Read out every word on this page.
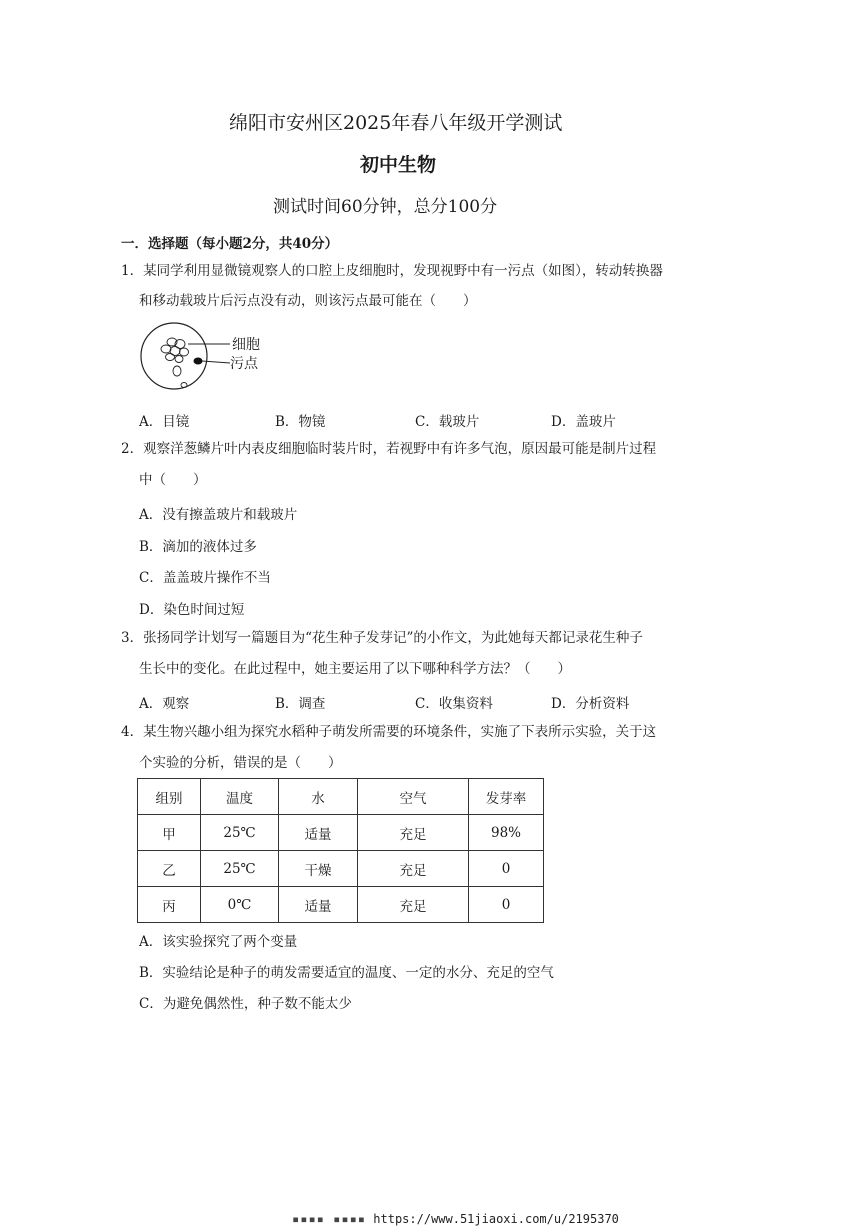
绵阳市安州区2025年春八年级开学测试
初中生物
测试时间60分钟，总分100分
一．选择题（每小题2分，共40分）
1．某同学利用显微镜观察人的口腔上皮细胞时，发现视野中有一污点（如图），转动转换器
和移动载玻片后污点没有动，则该污点最可能在（　　）
细胞
污点
A．目镜	B．物镜	C．载玻片	D．盖玻片
2．观察洋葱鳞片叶内表皮细胞临时装片时，若视野中有许多气泡，原因最可能是制片过程
中（　　）
A．没有擦盖玻片和载玻片
B．滴加的液体过多
C．盖盖玻片操作不当
D．染色时间过短
3．张扬同学计划写一篇题目为“花生种子发芽记”的小作文，为此她每天都记录花生种子
生长中的变化。在此过程中，她主要运用了以下哪种科学方法？（　　）
A．观察	B．调查	C．收集资料	D．分析资料
4．某生物兴趣小组为探究水稻种子萌发所需要的环境条件，实施了下表所示实验，关于这
个实验的分析，错误的是（　　）
组别	温度	水	空气	发芽率
甲	25℃	适量	充足	98%
乙	25℃	干燥	充足	0
丙	0℃	适量	充足	0
A．该实验探究了两个变量
B．实验结论是种子的萌发需要适宜的温度、一定的水分、充足的空气
C．为避免偶然性，种子数不能太少
▪▪▪▪ ▪▪▪▪ https://www.51jiaoxi.com/u/2195370
